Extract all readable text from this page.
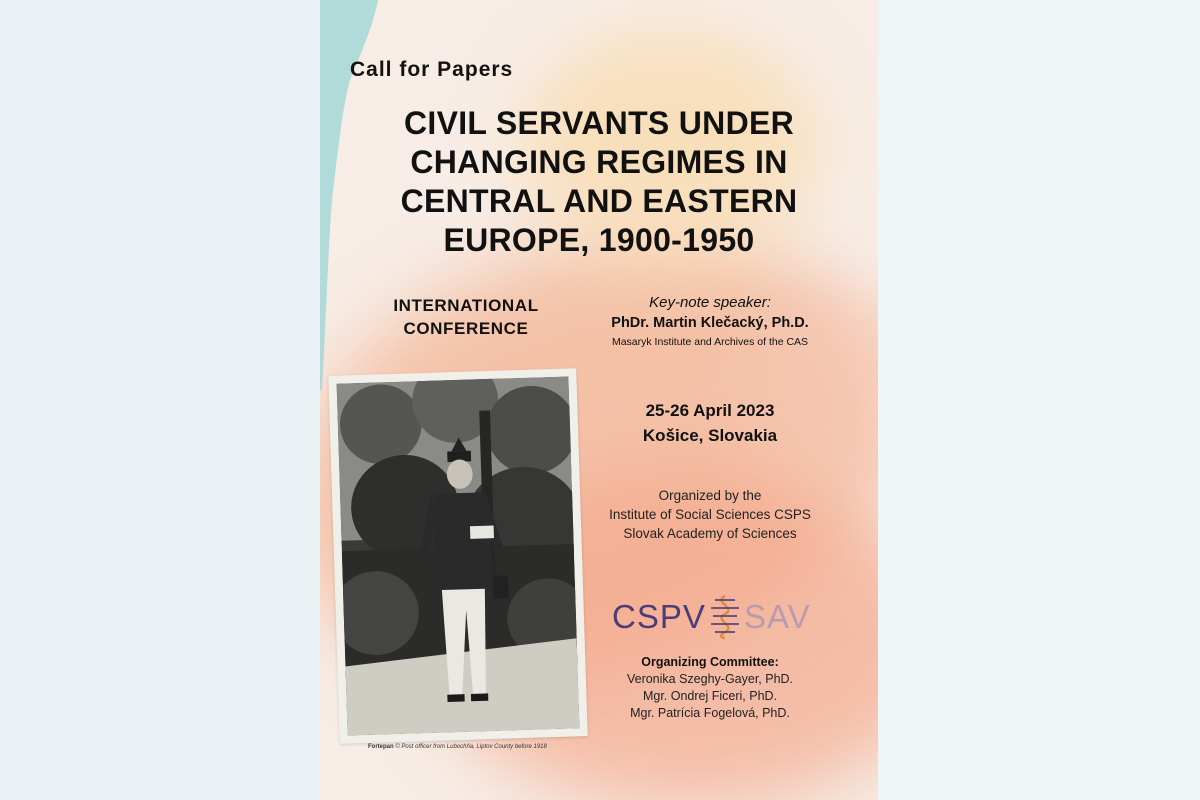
Call for Papers
CIVIL SERVANTS UNDER
CHANGING REGIMES IN
CENTRAL AND EASTERN
EUROPE, 1900-1950
INTERNATIONAL
CONFERENCE
Key-note speaker:
PhDr. Martin Klečacký, Ph.D.
Masaryk Institute and Archives of the CAS
25-26 April 2023
Košice, Slovakia
Organized by the
Institute of Social Sciences CSPS
Slovak Academy of Sciences
CSPV SAV
Organizing Committee:
Veronika Szeghy-Gayer, PhD.
Mgr. Ondrej Ficeri, PhD.
Mgr. Patrícia Fogelová, PhD.
Fortepan © Post officer from Lubochňa, Liptov County before 1918
